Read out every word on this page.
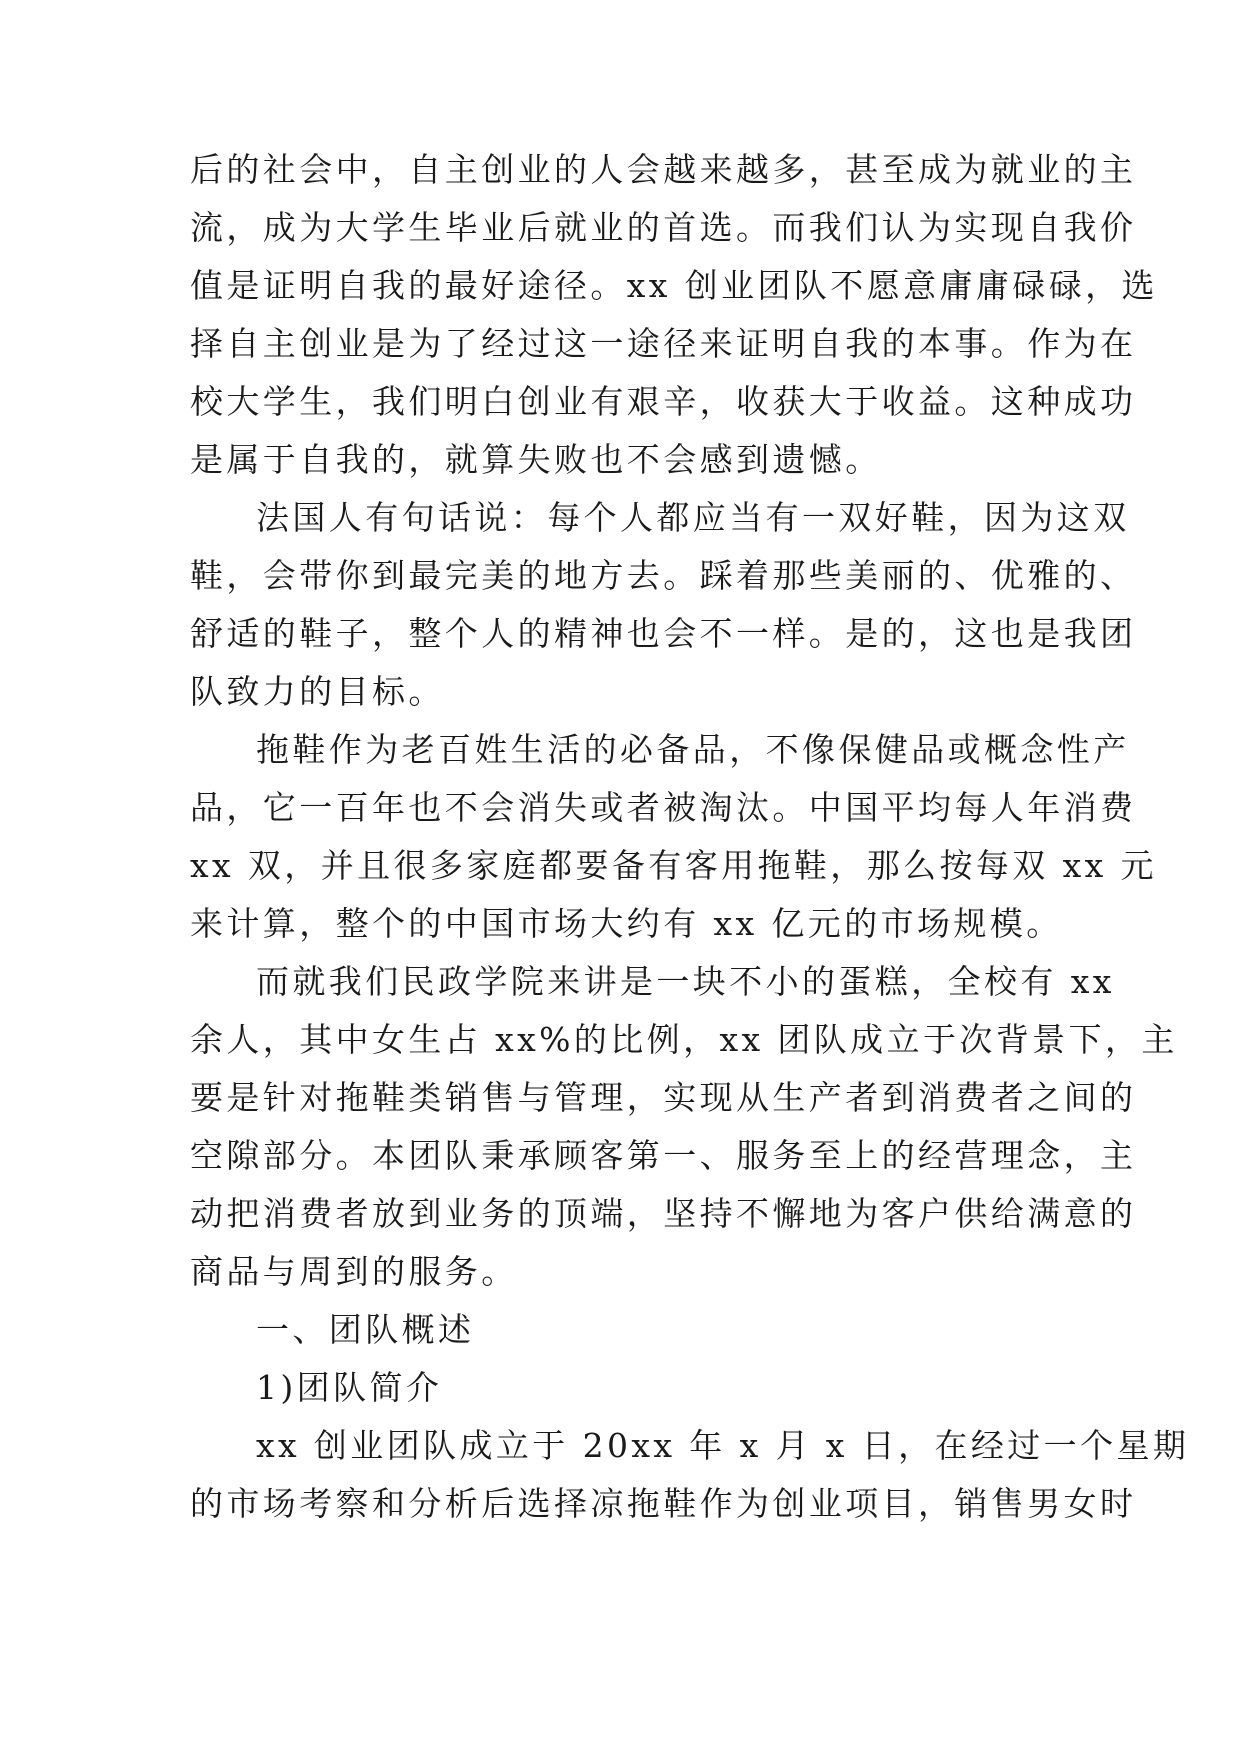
后的社会中，自主创业的人会越来越多，甚至成为就业的主
流，成为大学生毕业后就业的首选。而我们认为实现自我价
值是证明自我的最好途径。xx 创业团队不愿意庸庸碌碌，选
择自主创业是为了经过这一途径来证明自我的本事。作为在
校大学生，我们明白创业有艰辛，收获大于收益。这种成功
是属于自我的，就算失败也不会感到遗憾。
法国人有句话说：每个人都应当有一双好鞋，因为这双
鞋，会带你到最完美的地方去。踩着那些美丽的、优雅的、
舒适的鞋子，整个人的精神也会不一样。是的，这也是我团
队致力的目标。
拖鞋作为老百姓生活的必备品，不像保健品或概念性产
品，它一百年也不会消失或者被淘汰。中国平均每人年消费
xx 双，并且很多家庭都要备有客用拖鞋，那么按每双 xx 元
来计算，整个的中国市场大约有 xx 亿元的市场规模。
而就我们民政学院来讲是一块不小的蛋糕，全校有 xx
余人，其中女生占 xx%的比例，xx 团队成立于次背景下，主
要是针对拖鞋类销售与管理，实现从生产者到消费者之间的
空隙部分。本团队秉承顾客第一、服务至上的经营理念，主
动把消费者放到业务的顶端，坚持不懈地为客户供给满意的
商品与周到的服务。
一、团队概述
1)团队简介
xx 创业团队成立于 20xx 年 x 月 x 日，在经过一个星期
的市场考察和分析后选择凉拖鞋作为创业项目，销售男女时
